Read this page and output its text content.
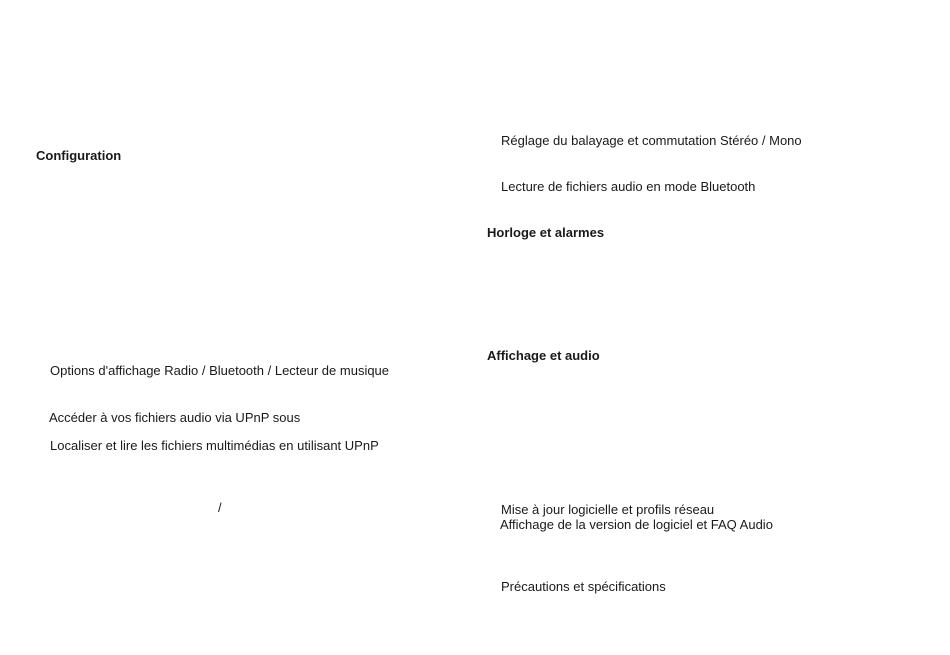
Configuration
Options d'affichage Radio / Bluetooth / Lecteur de musique
Accéder à vos fichiers audio via UPnP sous
Localiser et lire les fichiers multimédias en utilisant UPnP
/
Réglage du balayage et commutation Stéréo / Mono
Lecture de fichiers audio en mode Bluetooth
Horloge et alarmes
Affichage et audio
Mise à jour logicielle et profils réseau
Affichage de la version de logiciel et FAQ Audio
Précautions et spécifications
